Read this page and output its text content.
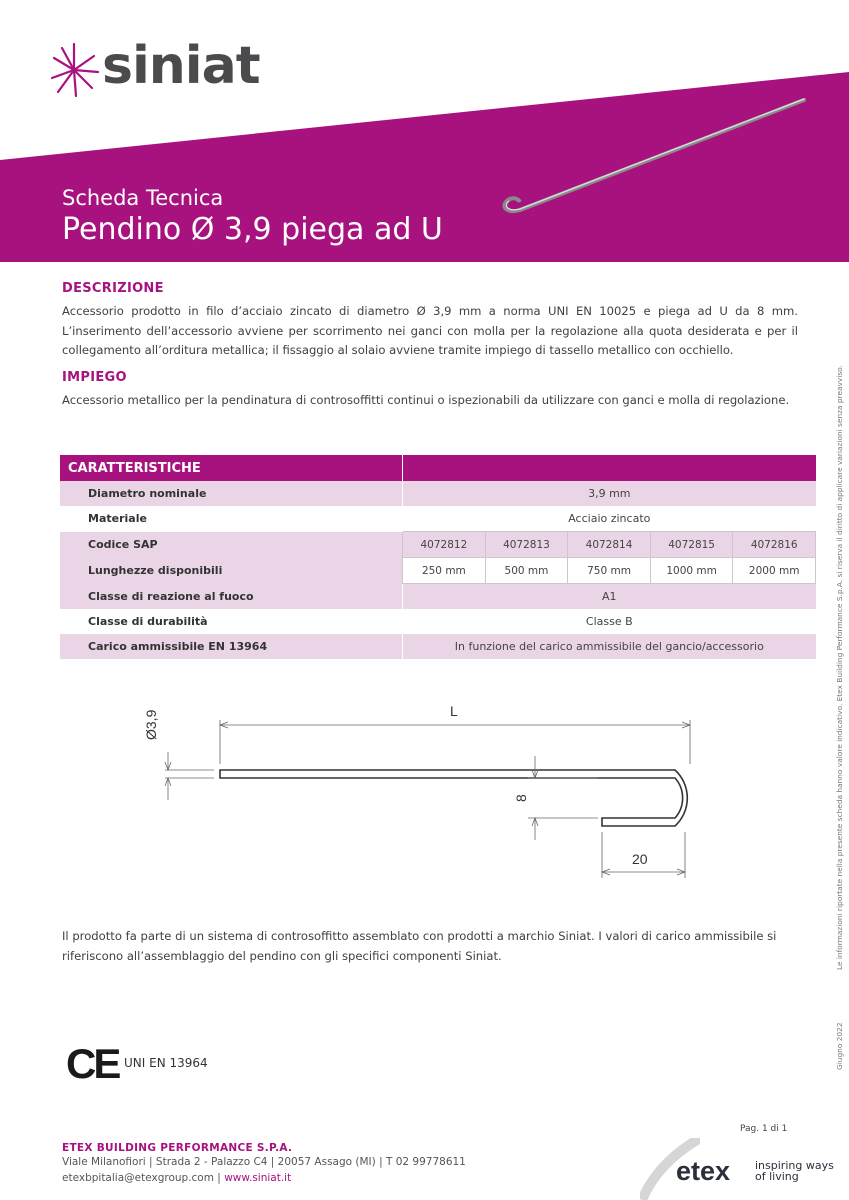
siniat
Scheda Tecnica
Pendino Ø 3,9 piega ad U
DESCRIZIONE
Accessorio prodotto in filo d’acciaio zincato di diametro Ø 3,9 mm a norma UNI EN 10025 e piega ad U da 8 mm. L’inserimento dell’accessorio avviene per scorrimento nei ganci con molla per la regolazione alla quota desiderata e per il collegamento all’orditura metallica; il fissaggio al solaio avviene tramite impiego di tassello metallico con occhiello.
IMPIEGO
Accessorio metallico per la pendinatura di controsoffitti continui o ispezionabili da utilizzare con ganci e molla di regolazione.
CARATTERISTICHE					
Diametro nominale	3,9 mm				
Materiale	Acciaio zincato				
Codice SAP	4072812	4072813	4072814	4072815	4072816
Lunghezze disponibili	250 mm	500 mm	750 mm	1000 mm	2000 mm
Classe di reazione al fuoco	A1				
Classe di durabilità	Classe B				
Carico ammissibile EN 13964	In funzione del carico ammissibile del gancio/accessorio				
L
Ø3,9
8
20
Il prodotto fa parte di un sistema di controsoffitto assemblato con prodotti a marchio Siniat. I valori di carico ammissibile si riferiscono all’assemblaggio del pendino con gli specifici componenti Siniat.
CE UNI EN 13964
Le informazioni riportate nella presente scheda hanno valore indicativo. Etex Building Performance S.p.A. si riserva il diritto di applicare variazioni senza preavviso.
Giugno 2022
Pag. 1 di 1
ETEX BUILDING PERFORMANCE S.P.A.
Viale Milanofiori | Strada 2 - Palazzo C4 | 20057 Assago (MI) | T 02 99778611
etexbpitalia@etexgroup.com | www.siniat.it	etex inspiring ways of living
